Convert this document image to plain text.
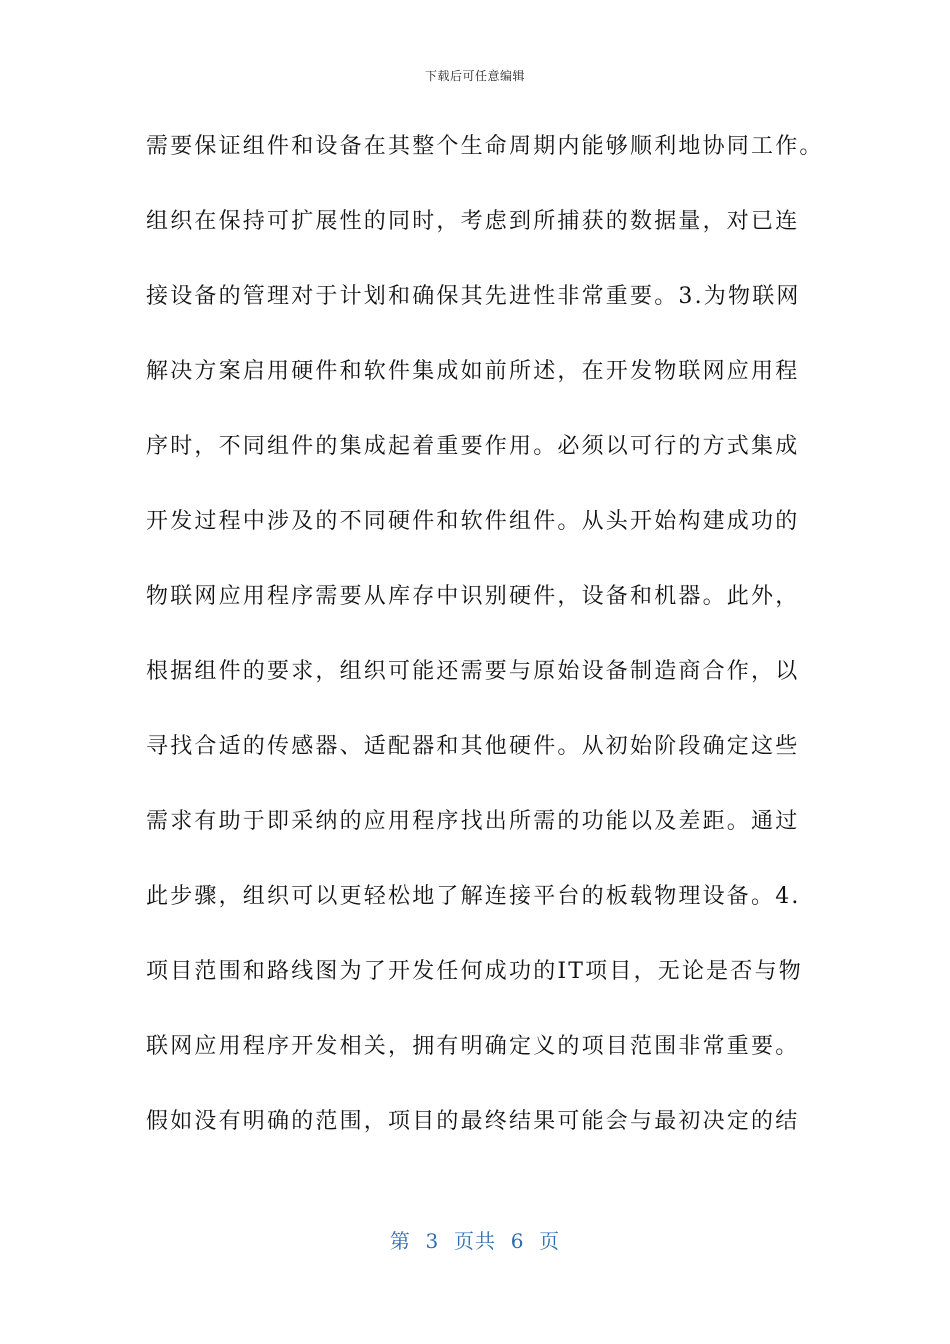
下载后可任意编辑
需要保证组件和设备在其整个生命周期内能够顺利地协同工作。
组织在保持可扩展性的同时，考虑到所捕获的数据量，对已连
接设备的管理对于计划和确保其先进性非常重要。3.为物联网
解决方案启用硬件和软件集成如前所述，在开发物联网应用程
序时，不同组件的集成起着重要作用。必须以可行的方式集成
开发过程中涉及的不同硬件和软件组件。从头开始构建成功的
物联网应用程序需要从库存中识别硬件，设备和机器。此外，
根据组件的要求，组织可能还需要与原始设备制造商合作，以
寻找合适的传感器、适配器和其他硬件。从初始阶段确定这些
需求有助于即采纳的应用程序找出所需的功能以及差距。通过
此步骤，组织可以更轻松地了解连接平台的板载物理设备。4.
项目范围和路线图为了开发任何成功的IT项目，无论是否与物
联网应用程序开发相关，拥有明确定义的项目范围非常重要。
假如没有明确的范围，项目的最终结果可能会与最初决定的结
第  3  页共  6  页
